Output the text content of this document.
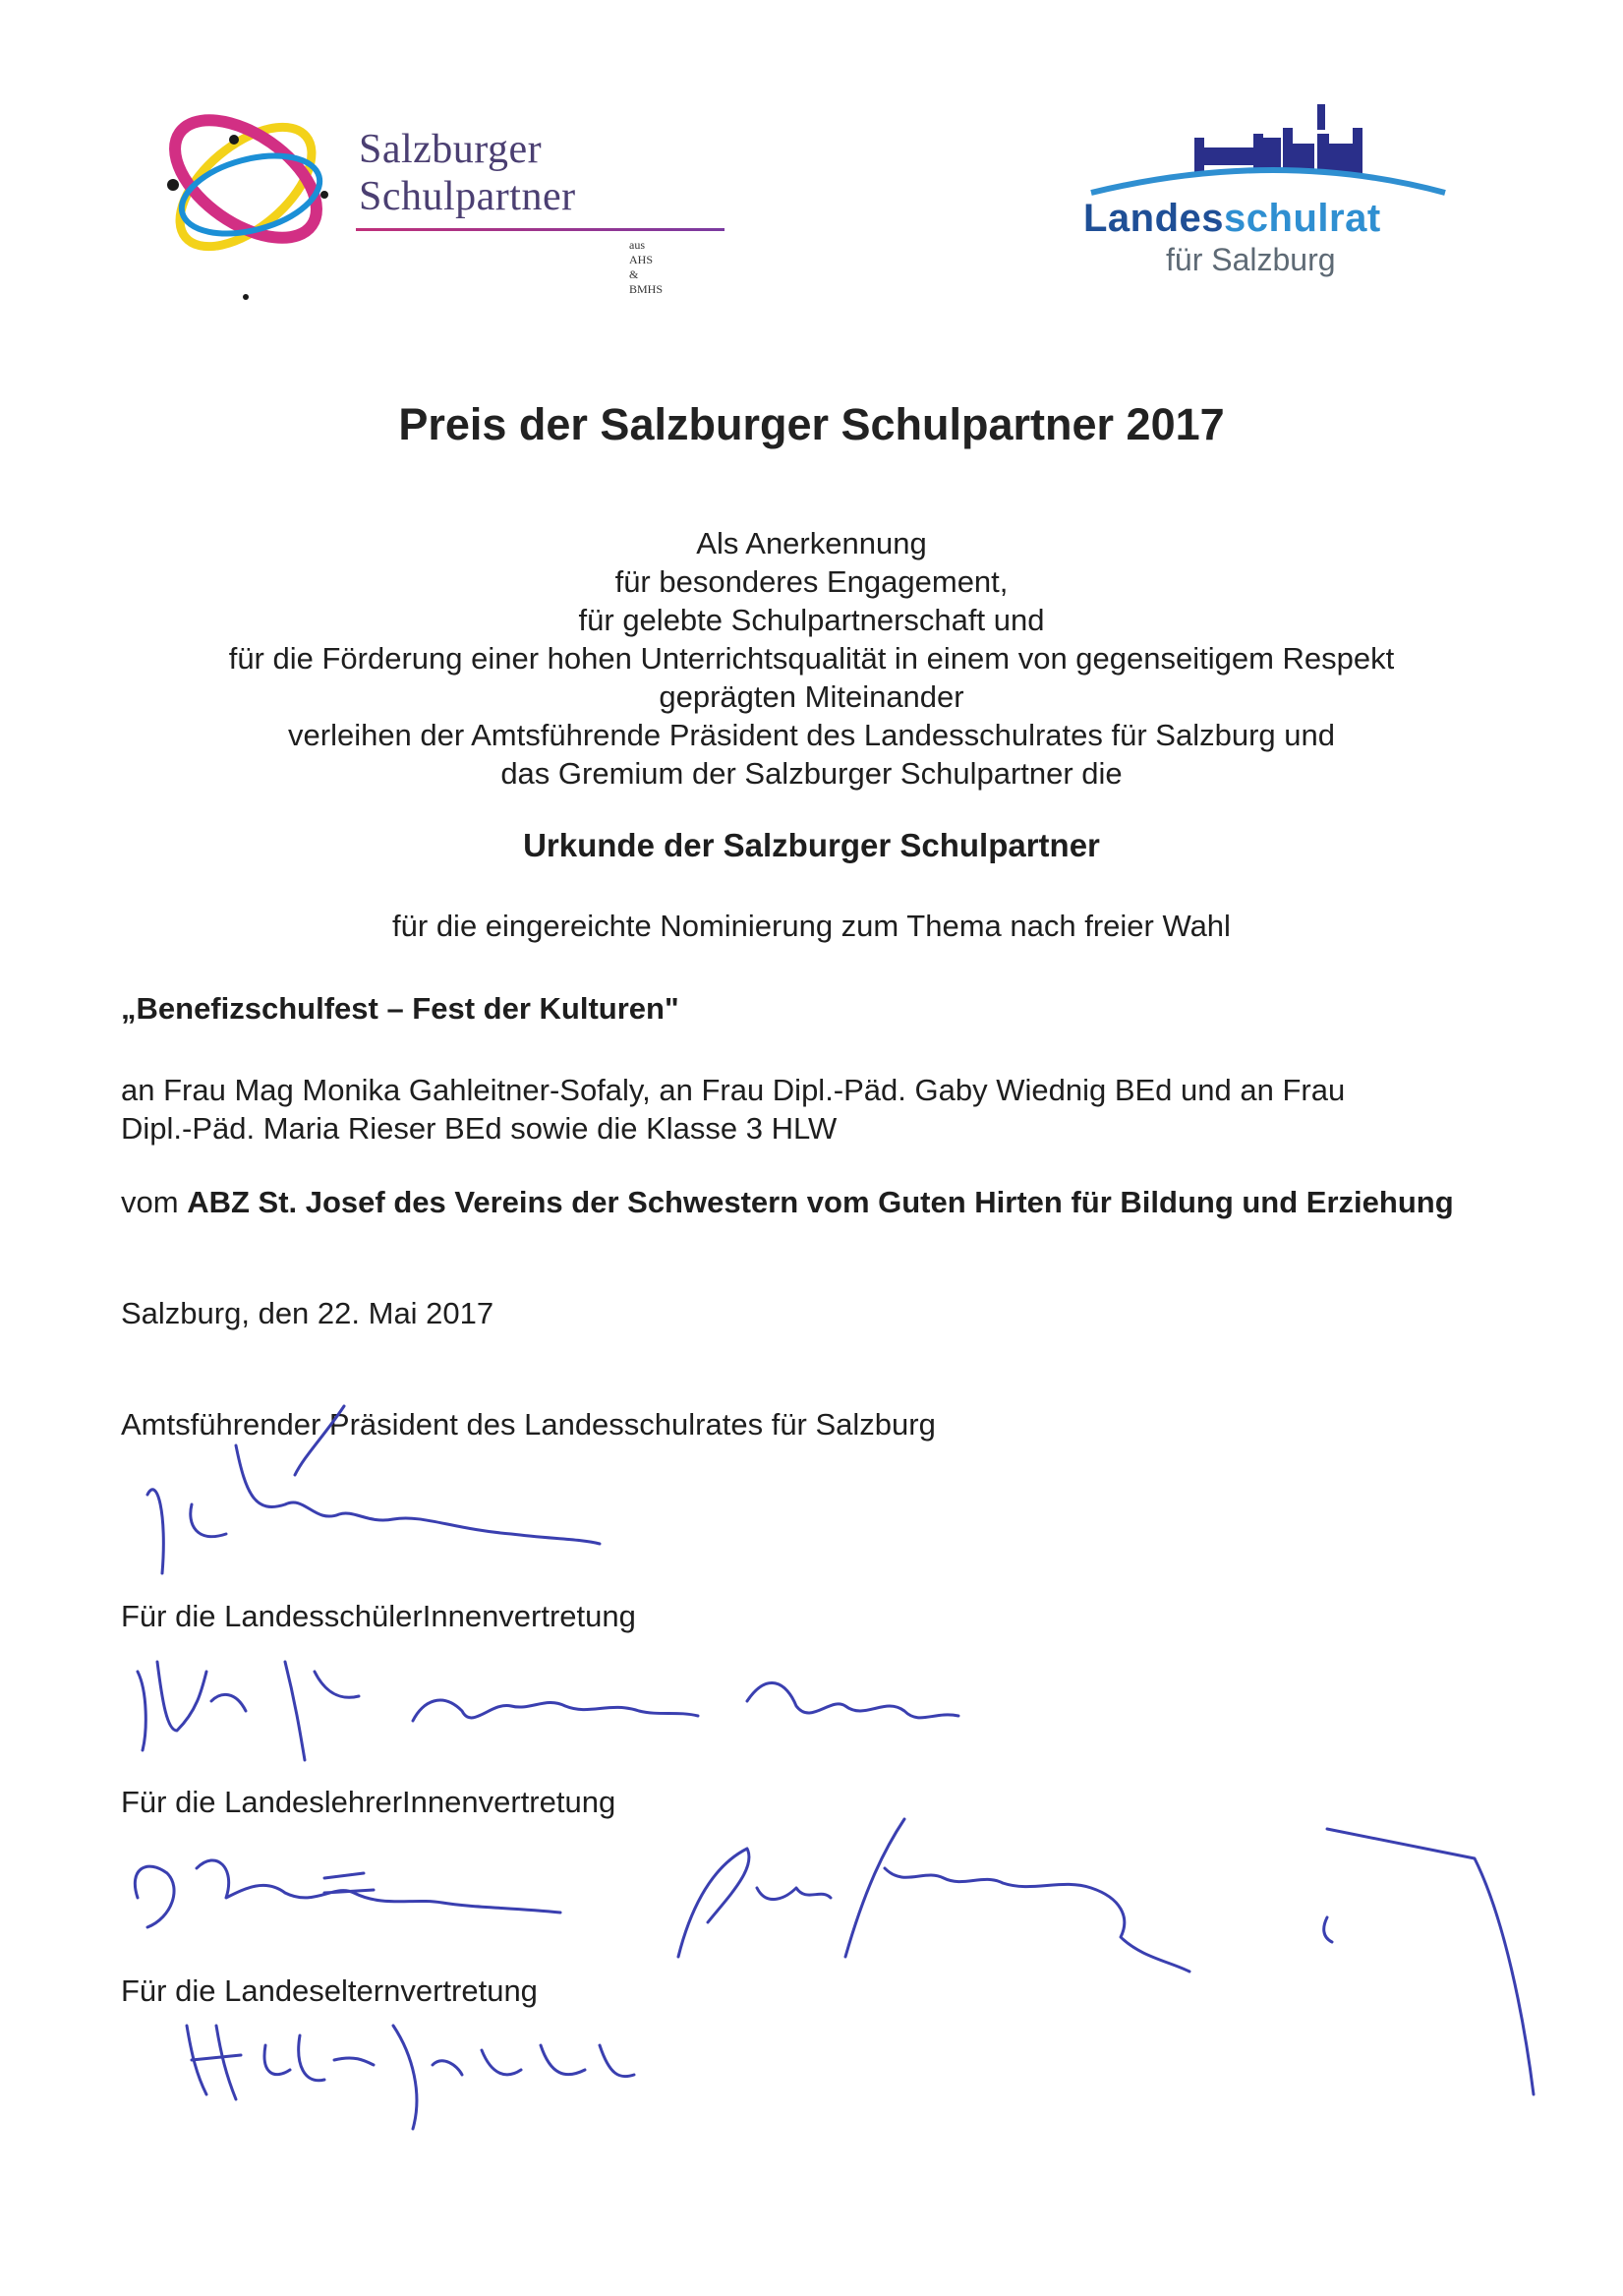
Salzburger
Schulpartner
aus AHS & BMHS
Landesschulrat
für Salzburg
Preis der Salzburger Schulpartner 2017
Als Anerkennung
für besonderes Engagement,
für gelebte Schulpartnerschaft und
für die Förderung einer hohen Unterrichtsqualität in einem von gegenseitigem Respekt
geprägten Miteinander
verleihen der Amtsführende Präsident des Landesschulrates für Salzburg und
das Gremium der Salzburger Schulpartner die
Urkunde der Salzburger Schulpartner
für die eingereichte Nominierung zum Thema nach freier Wahl
„Benefizschulfest – Fest der Kulturen"
an Frau Mag Monika Gahleitner-Sofaly, an Frau Dipl.-Päd. Gaby Wiednig BEd und an Frau Dipl.-Päd. Maria Rieser BEd sowie die Klasse 3 HLW
vom ABZ St. Josef des Vereins der Schwestern vom Guten Hirten für Bildung und Erziehung
Salzburg, den 22. Mai 2017
Amtsführender Präsident des Landesschulrates für Salzburg
Für die LandesschülerInnenvertretung
Für die LandeslehrerInnenvertretung
Für die Landeselternvertretung
